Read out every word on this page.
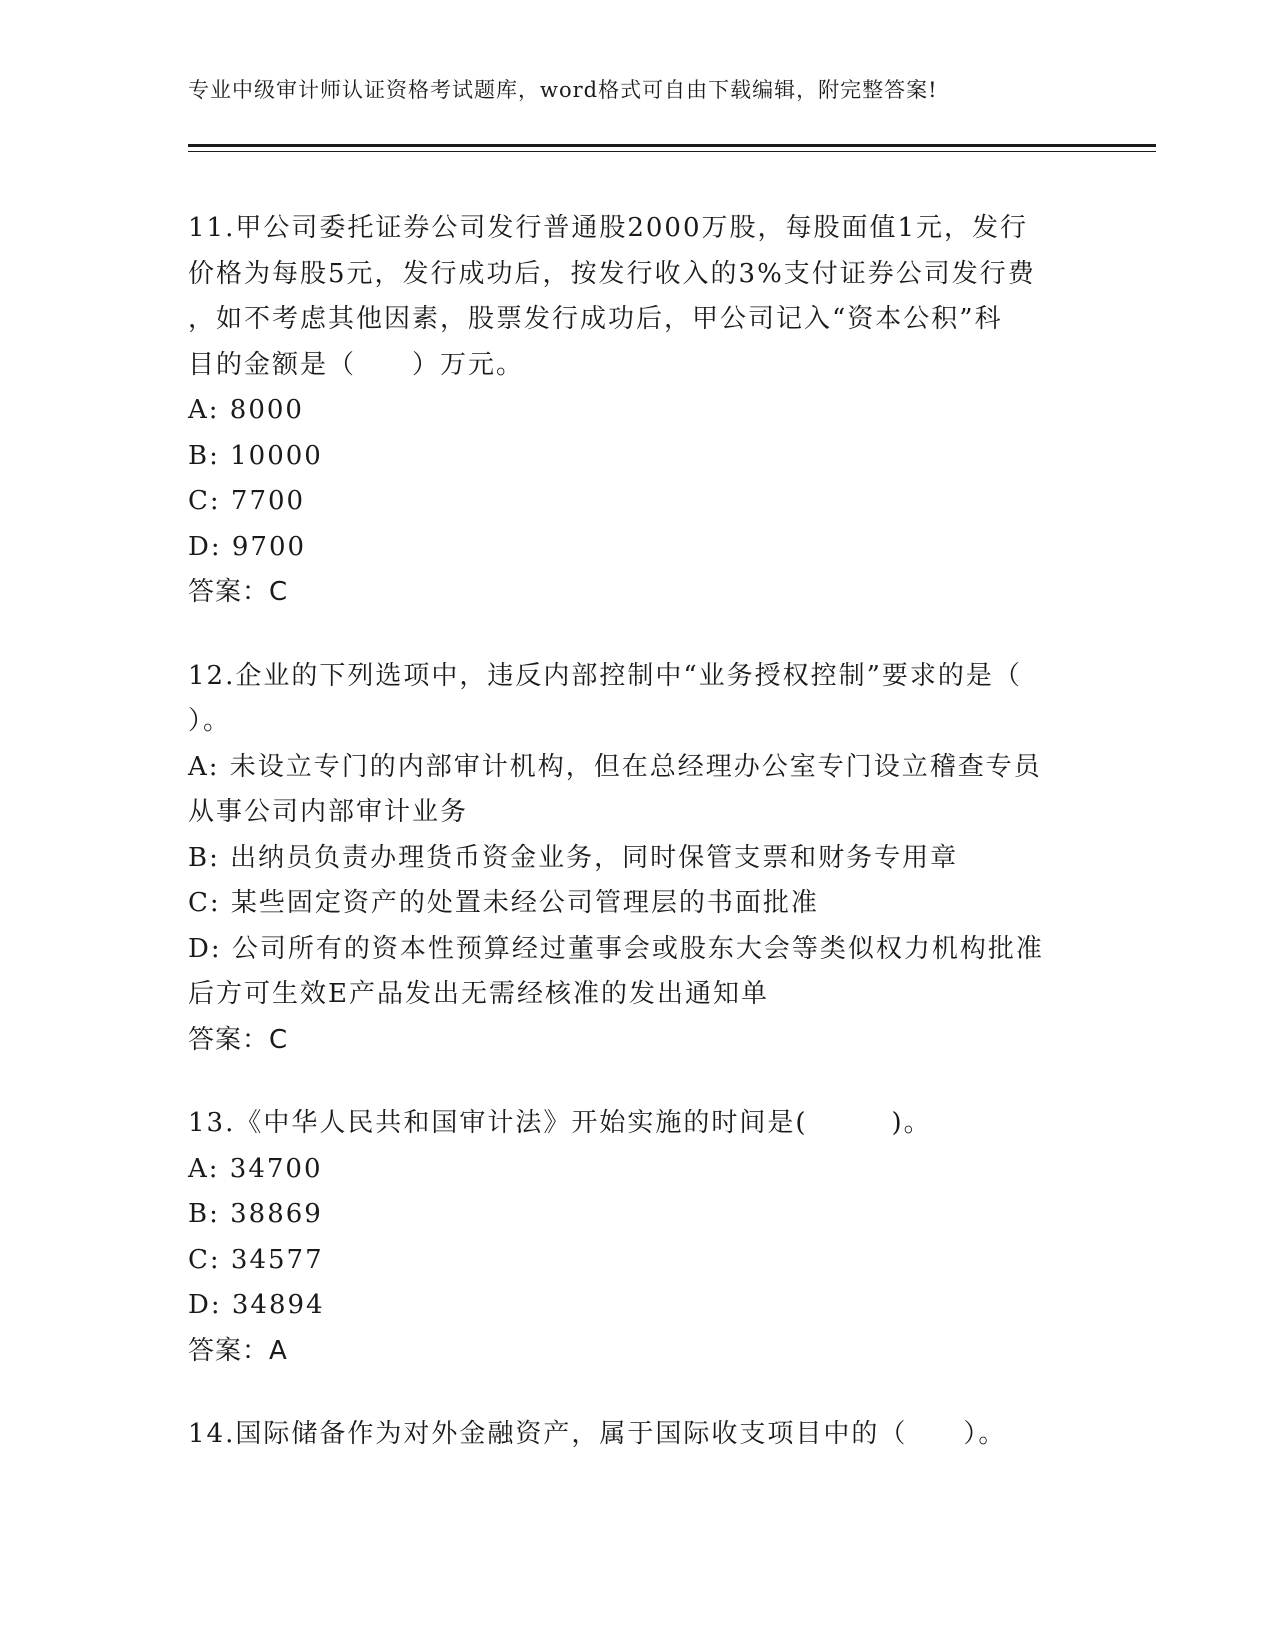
专业中级审计师认证资格考试题库，word格式可自由下载编辑，附完整答案!
11.甲公司委托证券公司发行普通股2000万股，每股面值1元，发行
价格为每股5元，发行成功后，按发行收入的3%支付证券公司发行费
，如不考虑其他因素，股票发行成功后，甲公司记入“资本公积”科
目的金额是（　　）万元。
A: 8000
B: 10000
C: 7700
D: 9700
答案：C
12.企业的下列选项中，违反内部控制中“业务授权控制”要求的是（
）。
A: 未设立专门的内部审计机构，但在总经理办公室专门设立稽查专员
从事公司内部审计业务
B: 出纳员负责办理货币资金业务，同时保管支票和财务专用章
C: 某些固定资产的处置未经公司管理层的书面批准
D: 公司所有的资本性预算经过董事会或股东大会等类似权力机构批准
后方可生效E产品发出无需经核准的发出通知单
答案：C
13.《中华人民共和国审计法》开始实施的时间是(　　　)。
A: 34700
B: 38869
C: 34577
D: 34894
答案：A
14.国际储备作为对外金融资产，属于国际收支项目中的（　　）。
